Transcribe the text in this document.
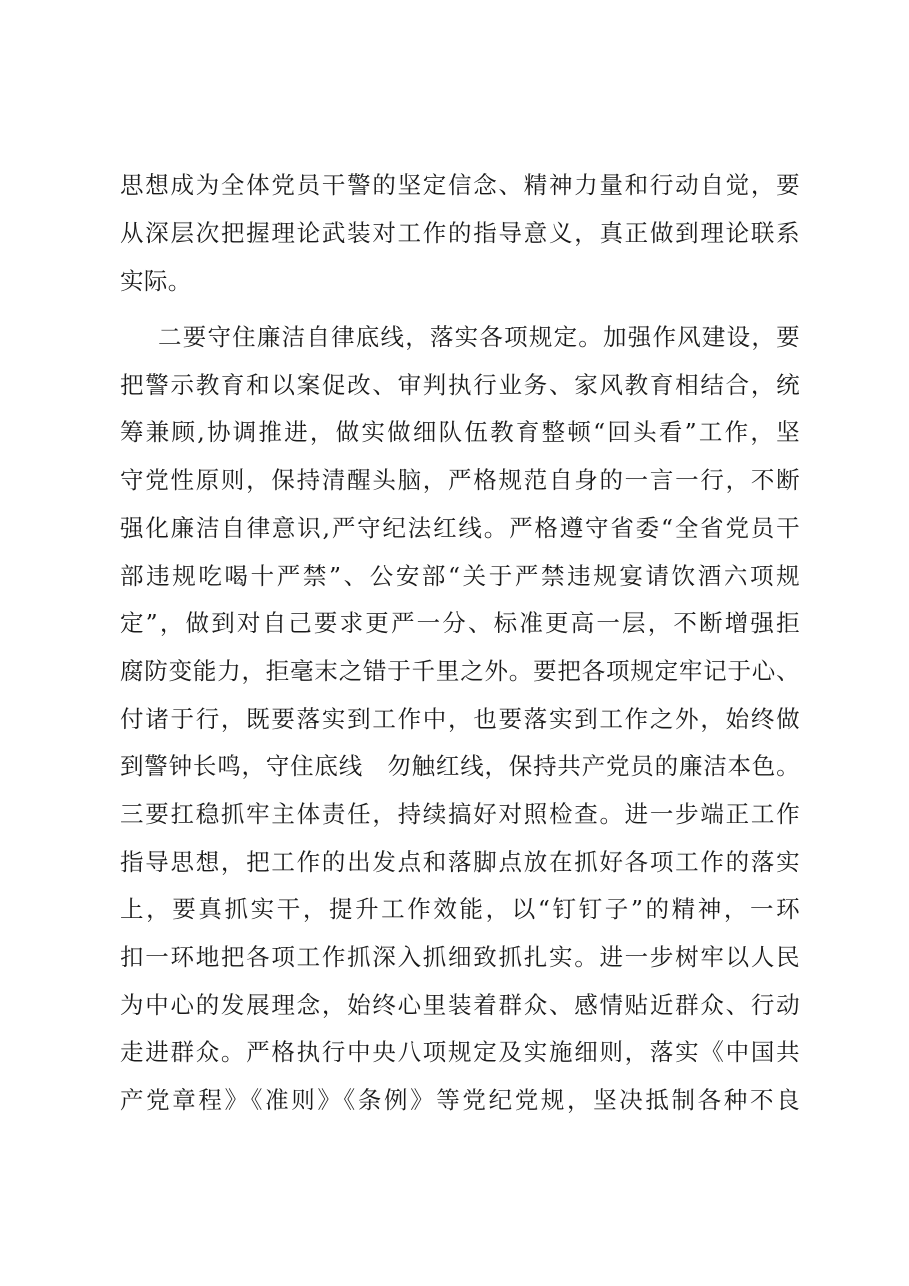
思想成为全体党员干警的坚定信念、精神力量和行动自觉，要
从深层次把握理论武装对工作的指导意义，真正做到理论联系
实际。
二要守住廉洁自律底线，落实各项规定。加强作风建设，要
把警示教育和以案促改、审判执行业务、家风教育相结合，统
筹兼顾,协调推进，做实做细队伍教育整顿“回头看”工作，坚
守党性原则，保持清醒头脑，严格规范自身的一言一行，不断
强化廉洁自律意识,严守纪法红线。严格遵守省委“全省党员干
部违规吃喝十严禁”、公安部“关于严禁违规宴请饮酒六项规
定”，做到对自己要求更严一分、标准更高一层，不断增强拒
腐防变能力，拒毫末之错于千里之外。要把各项规定牢记于心、
付诸于行，既要落实到工作中，也要落实到工作之外，始终做
到警钟长鸣，守住底线　勿触红线，保持共产党员的廉洁本色。
三要扛稳抓牢主体责任，持续搞好对照检查。进一步端正工作
指导思想，把工作的出发点和落脚点放在抓好各项工作的落实
上，要真抓实干，提升工作效能，以“钉钉子”的精神，一环
扣一环地把各项工作抓深入抓细致抓扎实。进一步树牢以人民
为中心的发展理念，始终心里装着群众、感情贴近群众、行动
走进群众。严格执行中央八项规定及实施细则，落实《中国共
产党章程》《准则》《条例》等党纪党规，坚决抵制各种不良
